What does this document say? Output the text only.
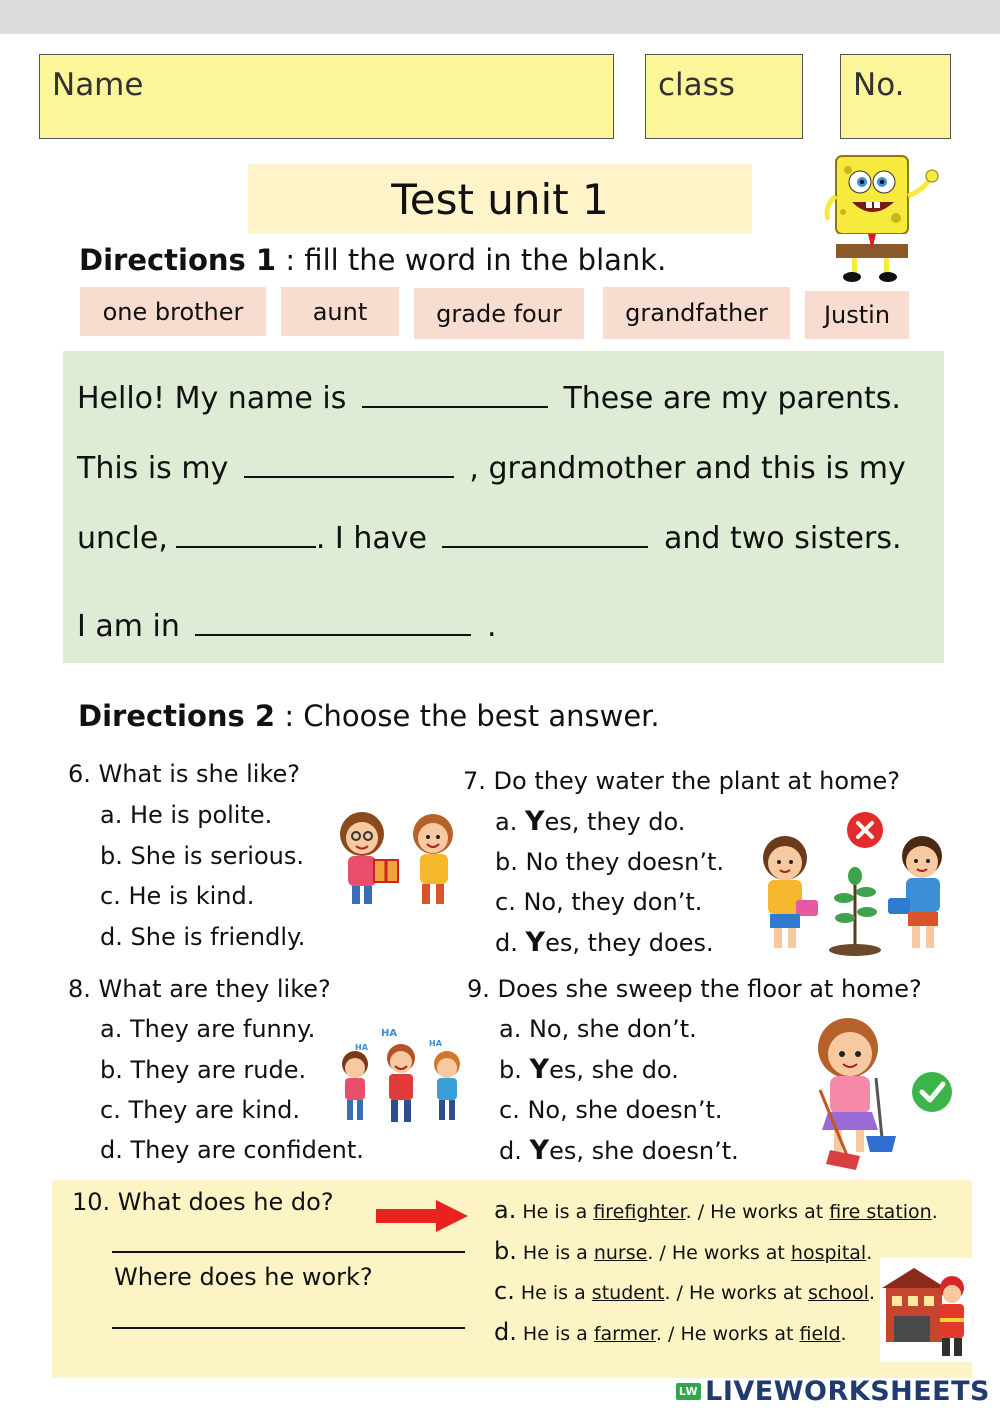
Name	class	No.
Test unit 1
Directions 1 : fill the word in the blank.
one brother	aunt	grade four	grandfather	Justin
Hello! My name is	These are my parents.
This is my	, grandmother and this is my
uncle,	. I have	and two sisters.
I am in	.
Directions 2 : Choose the best answer.
6. What is she like?
a. He is polite.
b. She is serious.
c. He is kind.
d. She is friendly.
7. Do they water the plant at home?
a. Yes, they do.
b. No they doesn’t.
c. No, they don’t.
d. Yes, they does.
8. What are they like?
a. They are funny.
b. They are rude.
c. They are kind.
d. They are confident.
HA
HA	HA
9. Does she sweep the floor at home?
a. No, she don’t.
b. Yes, she do.
c. No, she doesn’t.
d. Yes, she doesn’t.
10. What does he do?
Where does he work?
a. He is a firefighter. / He works at fire station.
b. He is a nurse. / He works at hospital.
c. He is a student. / He works at school.
d. He is a farmer. / He works at field.
LW LIVEWORKSHEETS
